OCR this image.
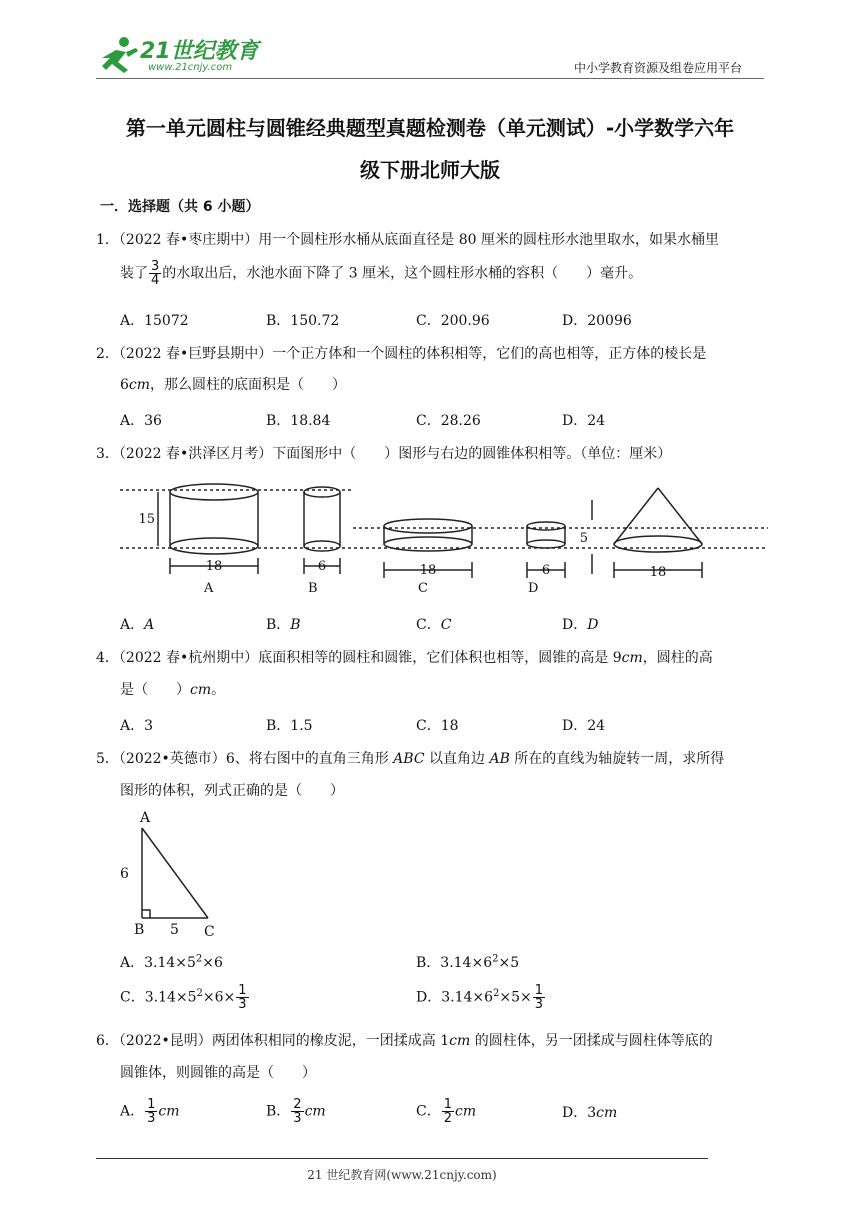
21世纪教育
www.21cnjy.com	中小学教育资源及组卷应用平台
第一单元圆柱与圆锥经典题型真题检测卷（单元测试）-小学数学六年
级下册北师大版
一．选择题（共 6 小题）
1．（2022 春•枣庄期中）用一个圆柱形水桶从底面直径是 80 厘米的圆柱形水池里取水，如果水桶里
装了 $\frac{3}{4}$ 的水取出后，水池水面下降了 3 厘米，这个圆柱形水桶的容积（　　）毫升。
A．15072	B．150.72	C．200.96	D．20096
2．（2022 春•巨野县期中）一个正方体和一个圆柱的体积相等，它们的高也相等，正方体的棱长是
6cm，那么圆柱的底面积是（　　）
A．36	B．18.84	C．28.26	D．24
3．（2022 春•洪泽区月考）下面图形中（　　）图形与右边的圆锥体积相等。（单位：厘米）
15
18	6	18	6
5
18
A	B	C	D
A．A	B．B	C．C	D．D
4．（2022 春•杭州期中）底面积相等的圆柱和圆锥，它们体积也相等，圆锥的高是 9cm，圆柱的高
是（　　）cm。
A．3	B．1.5	C．18	D．24
5．（2022•英德市）6、将右图中的直角三角形 ABC 以直角边 AB 所在的直线为轴旋转一周，求所得
图形的体积，列式正确的是（　　）
A
B	C
6
5
A．$3.14\times 5^2\times 6$	B．$3.14\times 6^2\times 5$
C．$3.14\times 5^2\times 6\times \frac{1}{3}$	D．$3.14\times 6^2\times 5\times \frac{1}{3}$
6．（2022•昆明）两团体积相同的橡皮泥，一团揉成高 1cm 的圆柱体，另一团揉成与圆柱体等底的
圆锥体，则圆锥的高是（　　）
A． $\frac{1}{3}$ cm	B． $\frac{2}{3}$ cm	C． $\frac{1}{2}$ cm	D．3cm
21 世纪教育网(www.21cnjy.com)
